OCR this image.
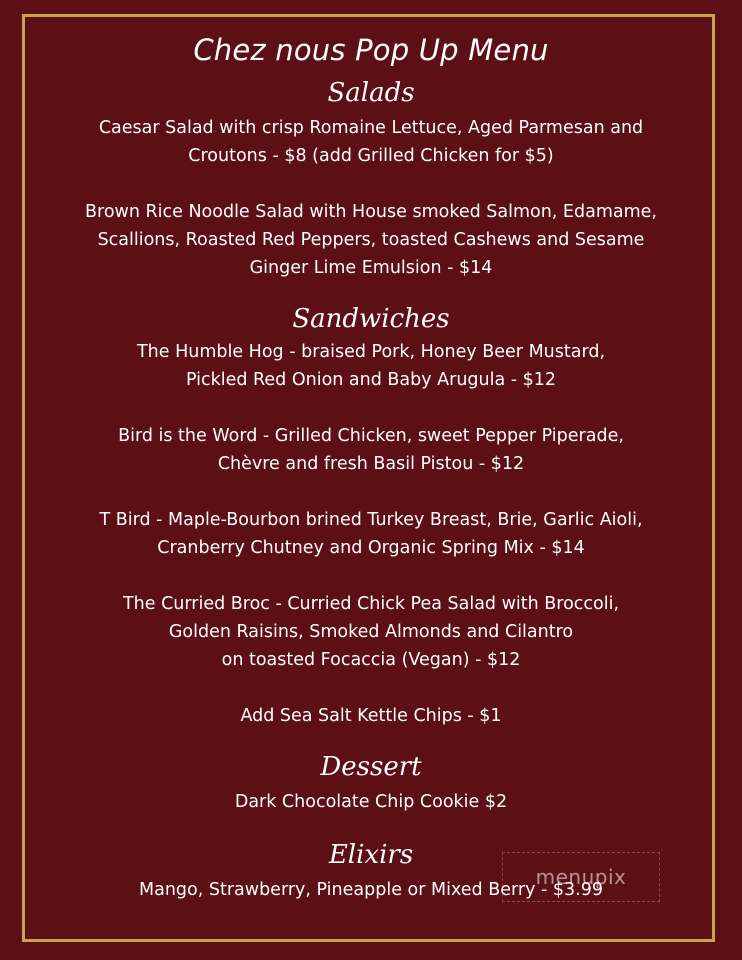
Chez nous Pop Up Menu

Salads

Caesar Salad with crisp Romaine Lettuce, Aged Parmesan and
Croutons - $8 (add Grilled Chicken for $5)

Brown Rice Noodle Salad with House smoked Salmon, Edamame,
Scallions, Roasted Red Peppers, toasted Cashews and Sesame
Ginger Lime Emulsion - $14

Sandwiches

The Humble Hog - braised Pork, Honey Beer Mustard,
Pickled Red Onion and Baby Arugula - $12

Bird is the Word - Grilled Chicken, sweet Pepper Piperade,
Chèvre and fresh Basil Pistou - $12

T Bird - Maple-Bourbon brined Turkey Breast, Brie, Garlic Aioli,
Cranberry Chutney and Organic Spring Mix - $14

The Curried Broc - Curried Chick Pea Salad with Broccoli,
Golden Raisins, Smoked Almonds and Cilantro
on toasted Focaccia (Vegan) - $12

Add Sea Salt Kettle Chips - $1

Dessert

Dark Chocolate Chip Cookie $2

Elixirs

Mango, Strawberry, Pineapple or Mixed Berry - $3.99

menupix
